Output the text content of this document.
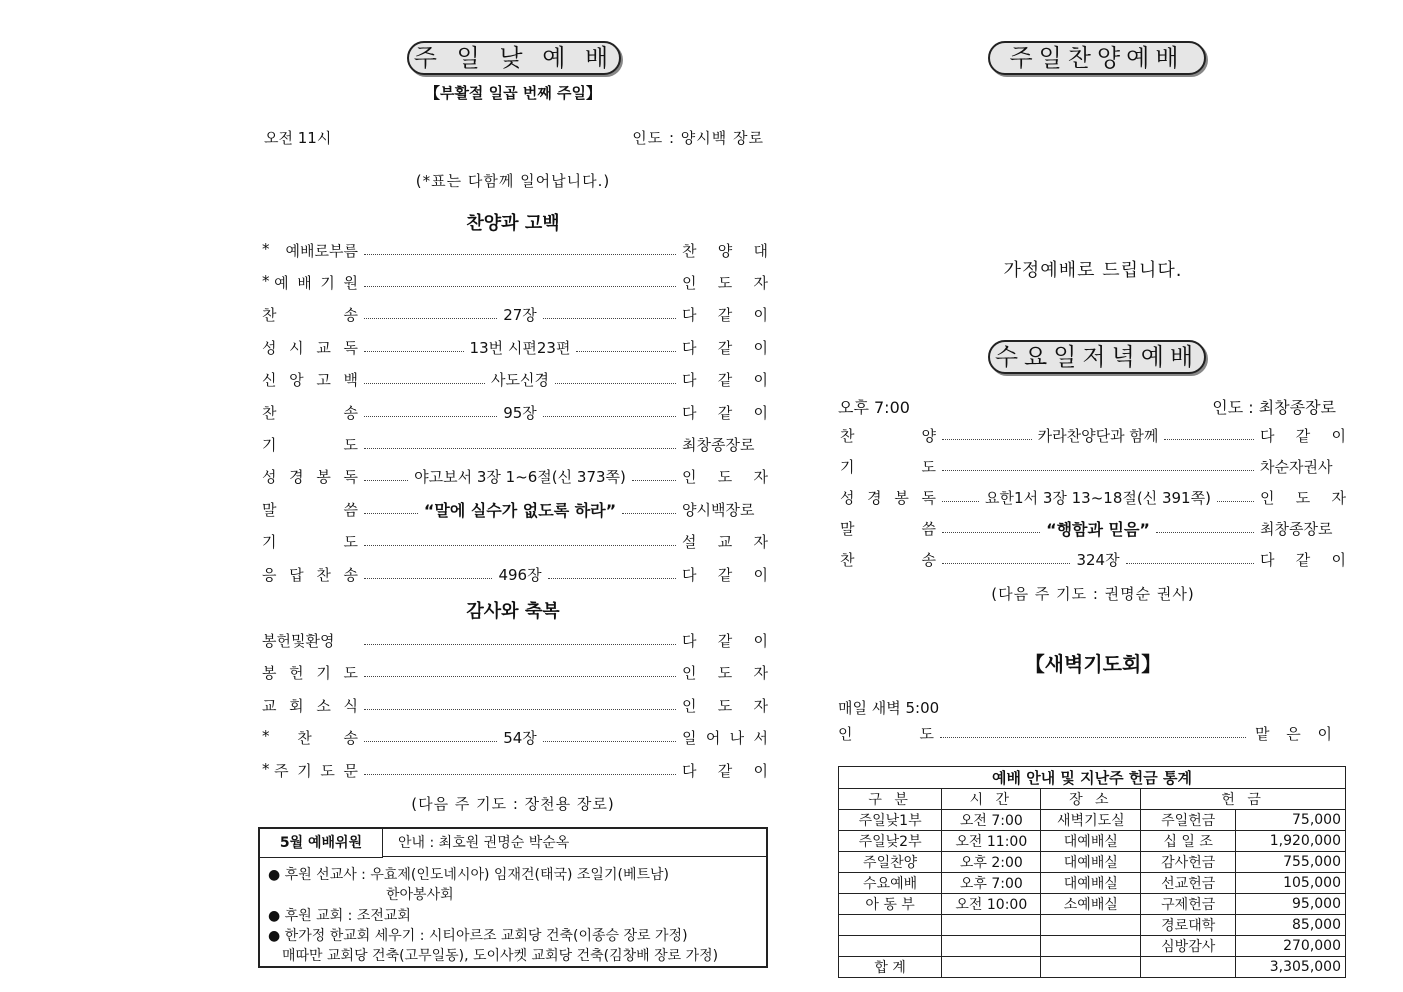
주 일 낮 예 배
【부활절 일곱 번째 주일】
오전 11시	인도 : 양시백 장로
(*표는 다함께 일어납니다.)
찬양과 고백
* 예배로부름	찬 양 대
* 예 배 기 원	인 도 자
찬	송	27장	다 같 이
성 시 교 독	13번 시편23편	다 같 이
신 앙 고 백	사도신경	다 같 이
찬	송	95장	다 같 이
기	도	최창종장로
성 경 봉 독	야고보서 3장 1~6절(신 373쪽)	인 도 자
말	씀	“말에 실수가 없도록 하라”	양시백장로
기	도	설 교 자
응 답 찬 송	496장	다 같 이
감사와 축복
봉헌및환영	다 같 이
봉 헌 기 도	인 도 자
교 회 소 식	인 도 자
* 찬 송	54장	일 어 나 서
* 주 기 도 문	다 같 이
(다음 주 기도 : 장천용 장로)
5월 예배위원	안내 : 최호원 권명순 박순옥
● 후원 선교사 : 우효제(인도네시아) 임재건(태국) 조일기(베트남)
한아봉사회
● 후원 교회 : 조전교회
● 한가정 한교회 세우기 : 시티아르조 교회당 건축(이종승 장로 가정)
매따만 교회당 건축(고무일동), 도이사켓 교회당 건축(김창배 장로 가정)
주일찬양예배
가정예배로 드립니다.
수요일저녁예배
오후 7:00	인도 : 최창종장로
찬	양	카라찬양단과 함께	다 같 이
기	도	차순자권사
성 경 봉 독	요한1서 3장 13~18절(신 391쪽)	인 도 자
말	씀	“행함과 믿음”	최창종장로
찬	송	324장	다 같 이
(다음 주 기도 : 권명순 권사)
【새벽기도회】
매일 새벽 5:00
인	도	맡 은 이
예배 안내 및 지난주 헌금 통계				
구 분	시 간	장 소	헌 금	
주일낮1부	오전 7:00	새벽기도실	주일헌금	75,000
주일낮2부	오전 11:00	대예배실	십 일 조	1,920,000
주일찬양	오후 2:00	대예배실	감사헌금	755,000
수요예배	오후 7:00	대예배실	선교헌금	105,000
아 동 부	오전 10:00	소예배실	구제헌금	95,000
			경로대학	85,000
			심방감사	270,000
합 계				3,305,000
